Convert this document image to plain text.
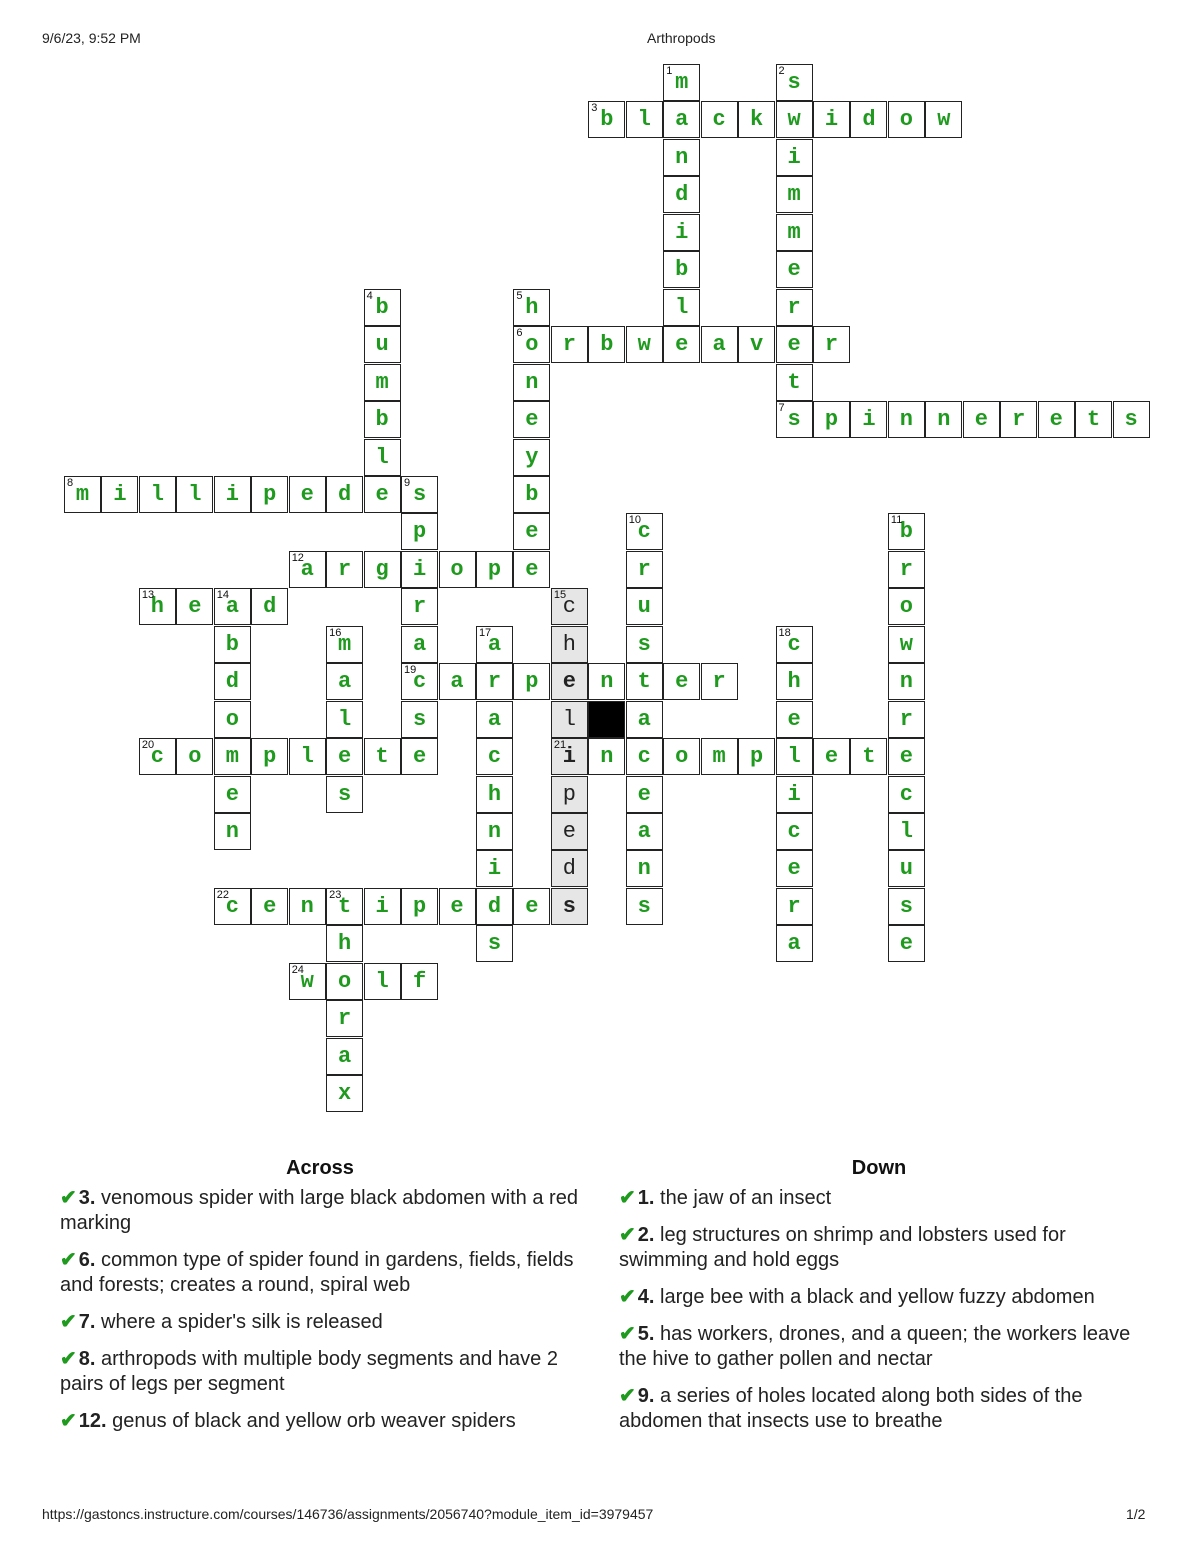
9/6/23, 9:52 PM	Arthropods
m
1
a
n
d
i
b
l
e
s
2
w
i
m
m
e
r
e
t
b
3 l	c k	i d o w
b
4
u
m
b
l
e
h
5
o
6
n
e
y
b
e
e
r b w	a v	r
s
7 p i n n e r e t s
m
8 i l l i p e d	s
9
p
i
r
a
c
19
s
c
10
r
u
s
t
a
c
e
a
n
s
b
11
r
o
w
n
r
e
c
l
u
s
e
a
12 r g	o p
h
13 e a
14 d
b
d
o
m
e
n
c
15
h
e
l
i
21
p
e
d
s
m
16
a
l
e
s
a
17
r
a
c
h
n
i
d
s
c
18
h
e
l
i
c
e
r
a
a	p	n	e r
c
20 o	p l	t e	n	o m p	e t
c
22 e n t
23 i p e	e
h
o
r
a
x
w
24	l f
Across
✔ 3. venomous spider with large black abdomen with a red marking
✔ 6. common type of spider found in gardens, fields, fields and forests; creates a round, spiral web
✔ 7. where a spider's silk is released
✔ 8. arthropods with multiple body segments and have 2 pairs of legs per segment
✔ 12. genus of black and yellow orb weaver spiders
Down
✔ 1. the jaw of an insect
✔ 2. leg structures on shrimp and lobsters used for swimming and hold eggs
✔ 4. large bee with a black and yellow fuzzy abdomen
✔ 5. has workers, drones, and a queen; the workers leave the hive to gather pollen and nectar
✔ 9. a series of holes located along both sides of the abdomen that insects use to breathe
https://gastoncs.instructure.com/courses/146736/assignments/2056740?module_item_id=3979457	1/2
